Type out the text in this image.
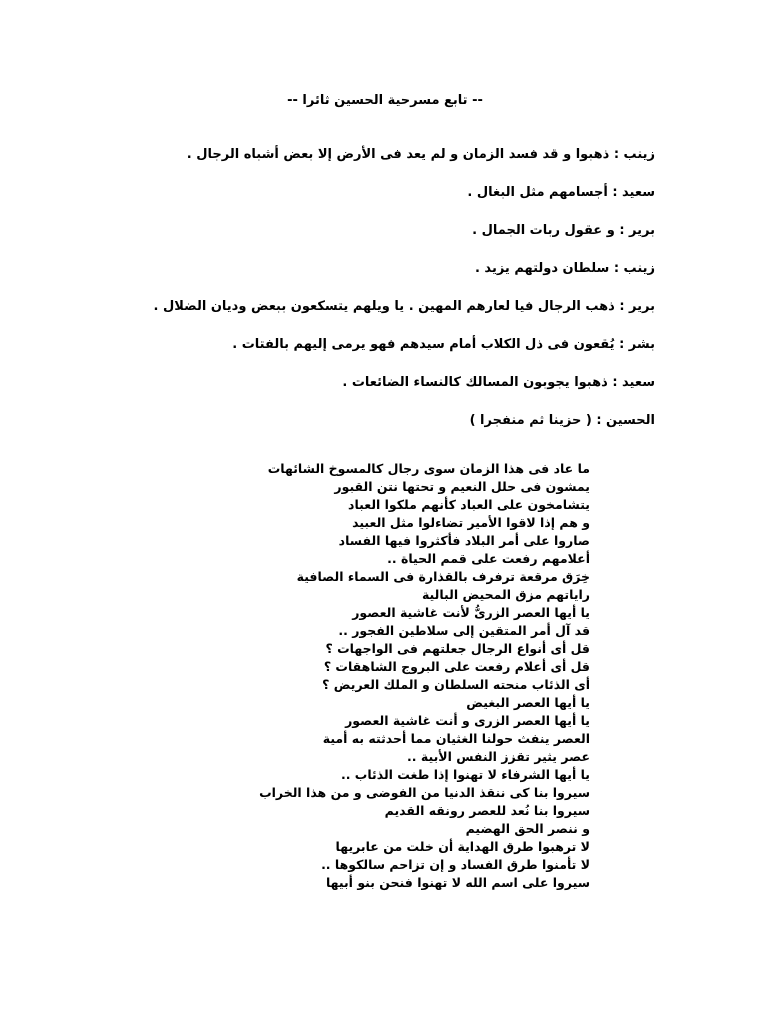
-- تابع مسرحية الحسين ثائرا --
زينب : ذهبوا و قد فسد الزمان و لم يعد فى الأرض إلا بعض أشباه الرجال .
سعيد : أجسامهم مثل البغال .
برير : و عقول ربات الجمال .
زينب : سلطان دولتهم يزيد .
برير : ذهب الرجال فيا لعارهم المهين . يا ويلهم يتسكعون ببعض وديان الضلال .
بشر : يُقعون فى ذل الكلاب أمام سيدهم فهو يرمى إليهم بالفتات .
سعيد : ذهبوا يجوبون المسالك كالنساء الضائعات .
الحسين : ( حزينا ثم منفجرا )
ما عاد فى هذا الزمان سوى رجال كالمسوخ الشائهات
يمشون فى حلل النعيم و تحتها نتن القبور
يتشامخون على العباد كأنهم ملكوا العباد
و هم إذا لاقوا الأمير تضاءلوا مثل العبيد
صاروا على أمر البلاد فأكثروا فيها الفساد
أعلامهم رفعت على قمم الحياة ..
خِرَق مرقعة ترفرف بالقذارة فى السماء الصافية
راياتهم مزق المحيض البالية
يا أيها العصر الزرىُّ لأنت غاشية العصور
قد آل أمر المتقين إلى سلاطين الفجور ..
قل أى أنواع الرجال جعلتهم فى الواجهات ؟
قل أى أعلام رفعت على البروج الشاهقات ؟
أى الذئاب منحته السلطان و الملك العريض ؟
يا أيها العصر البغيض
يا أيها العصر الزرى و أنت غاشية العصور
العصر ينفث حولنا الغثيان مما أحدثته به أمية
عصر يثير تقزز النفس الأبية ..
يا أيها الشرفاء لا تهنوا إذا طغت الذئاب ..
سيروا بنا كى ننقذ الدنيا من الفوضى و من هذا الخراب
سيروا بنا نُعد للعصر رونقه القديم
و ننصر الحق الهضيم
لا ترهبوا طرق الهداية أن خلت من عابريها
لا تأمنوا طرق الفساد و إن تزاحم سالكوها ..
سيروا على اسم الله لا تهنوا فنحن بنو أبيها
